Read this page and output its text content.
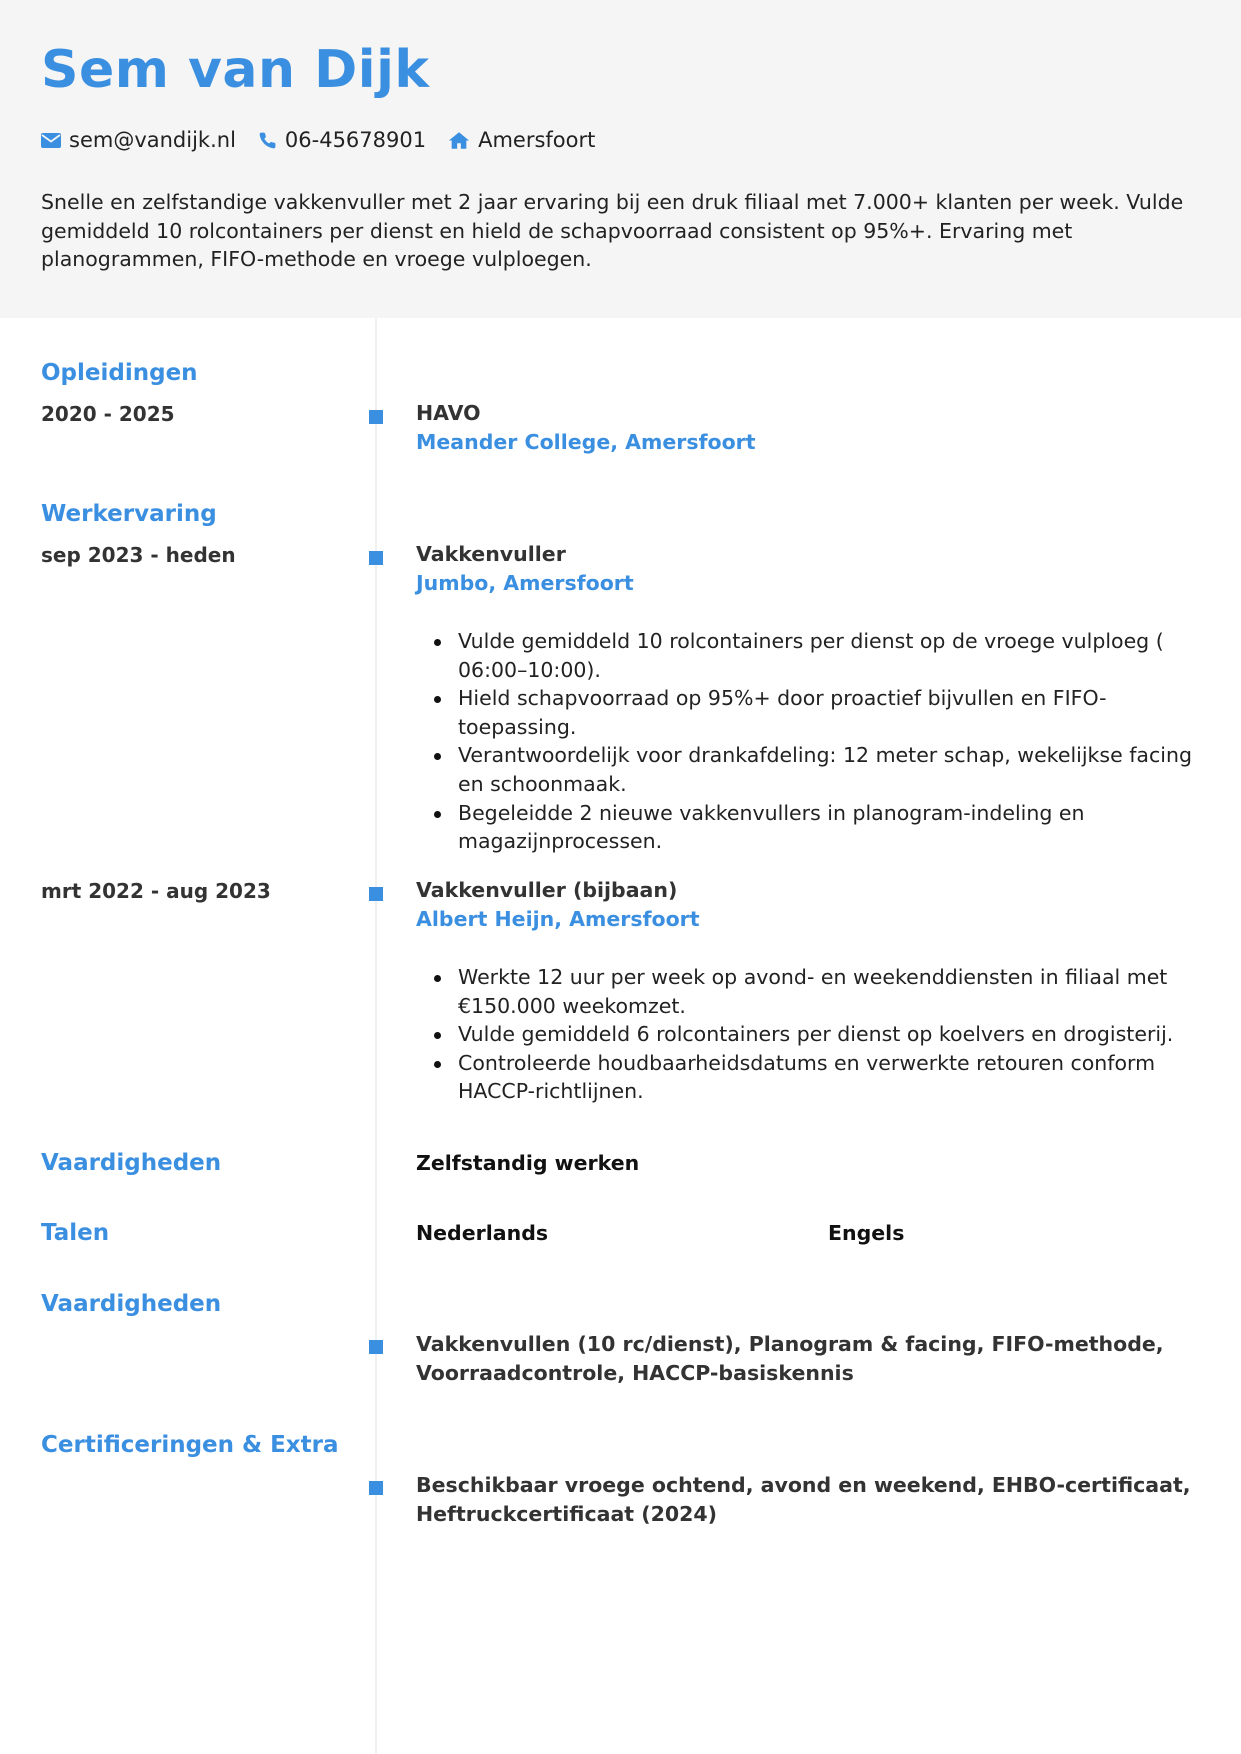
Sem van Dijk
sem@vandijk.nl 06-45678901 Amersfoort
Snelle en zelfstandige vakkenvuller met 2 jaar ervaring bij een druk filiaal met 7.000+ klanten per week. Vulde gemiddeld 10 rolcontainers per dienst en hield de schapvoorraad consistent op 95%+. Ervaring met planogrammen, FIFO-methode en vroege vulploegen.
Opleidingen
2020 - 2025	HAVO
Meander College, Amersfoort
Werkervaring
sep 2023 - heden	Vakkenvuller
Jumbo, Amersfoort
Vulde gemiddeld 10 rolcontainers per dienst op de vroege vulploeg ( 06:00–10:00).
Hield schapvoorraad op 95%+ door proactief bijvullen en FIFO-toepassing.
Verantwoordelijk voor drankafdeling: 12 meter schap, wekelijkse facing en schoonmaak.
Begeleidde 2 nieuwe vakkenvullers in planogram-indeling en magazijnprocessen.
mrt 2022 - aug 2023	Vakkenvuller (bijbaan)
Albert Heijn, Amersfoort
Werkte 12 uur per week op avond- en weekenddiensten in filiaal met €150.000 weekomzet.
Vulde gemiddeld 6 rolcontainers per dienst op koelvers en drogisterij.
Controleerde houdbaarheidsdatums en verwerkte retouren conform HACCP-richtlijnen.
Vaardigheden	Zelfstandig werken
Talen	Nederlands	Engels
Vaardigheden
Vakkenvullen (10 rc/dienst), Planogram & facing, FIFO-methode, Voorraadcontrole, HACCP-basiskennis
Certificeringen & Extra
Beschikbaar vroege ochtend, avond en weekend, EHBO-certificaat, Heftruckcertificaat (2024)
